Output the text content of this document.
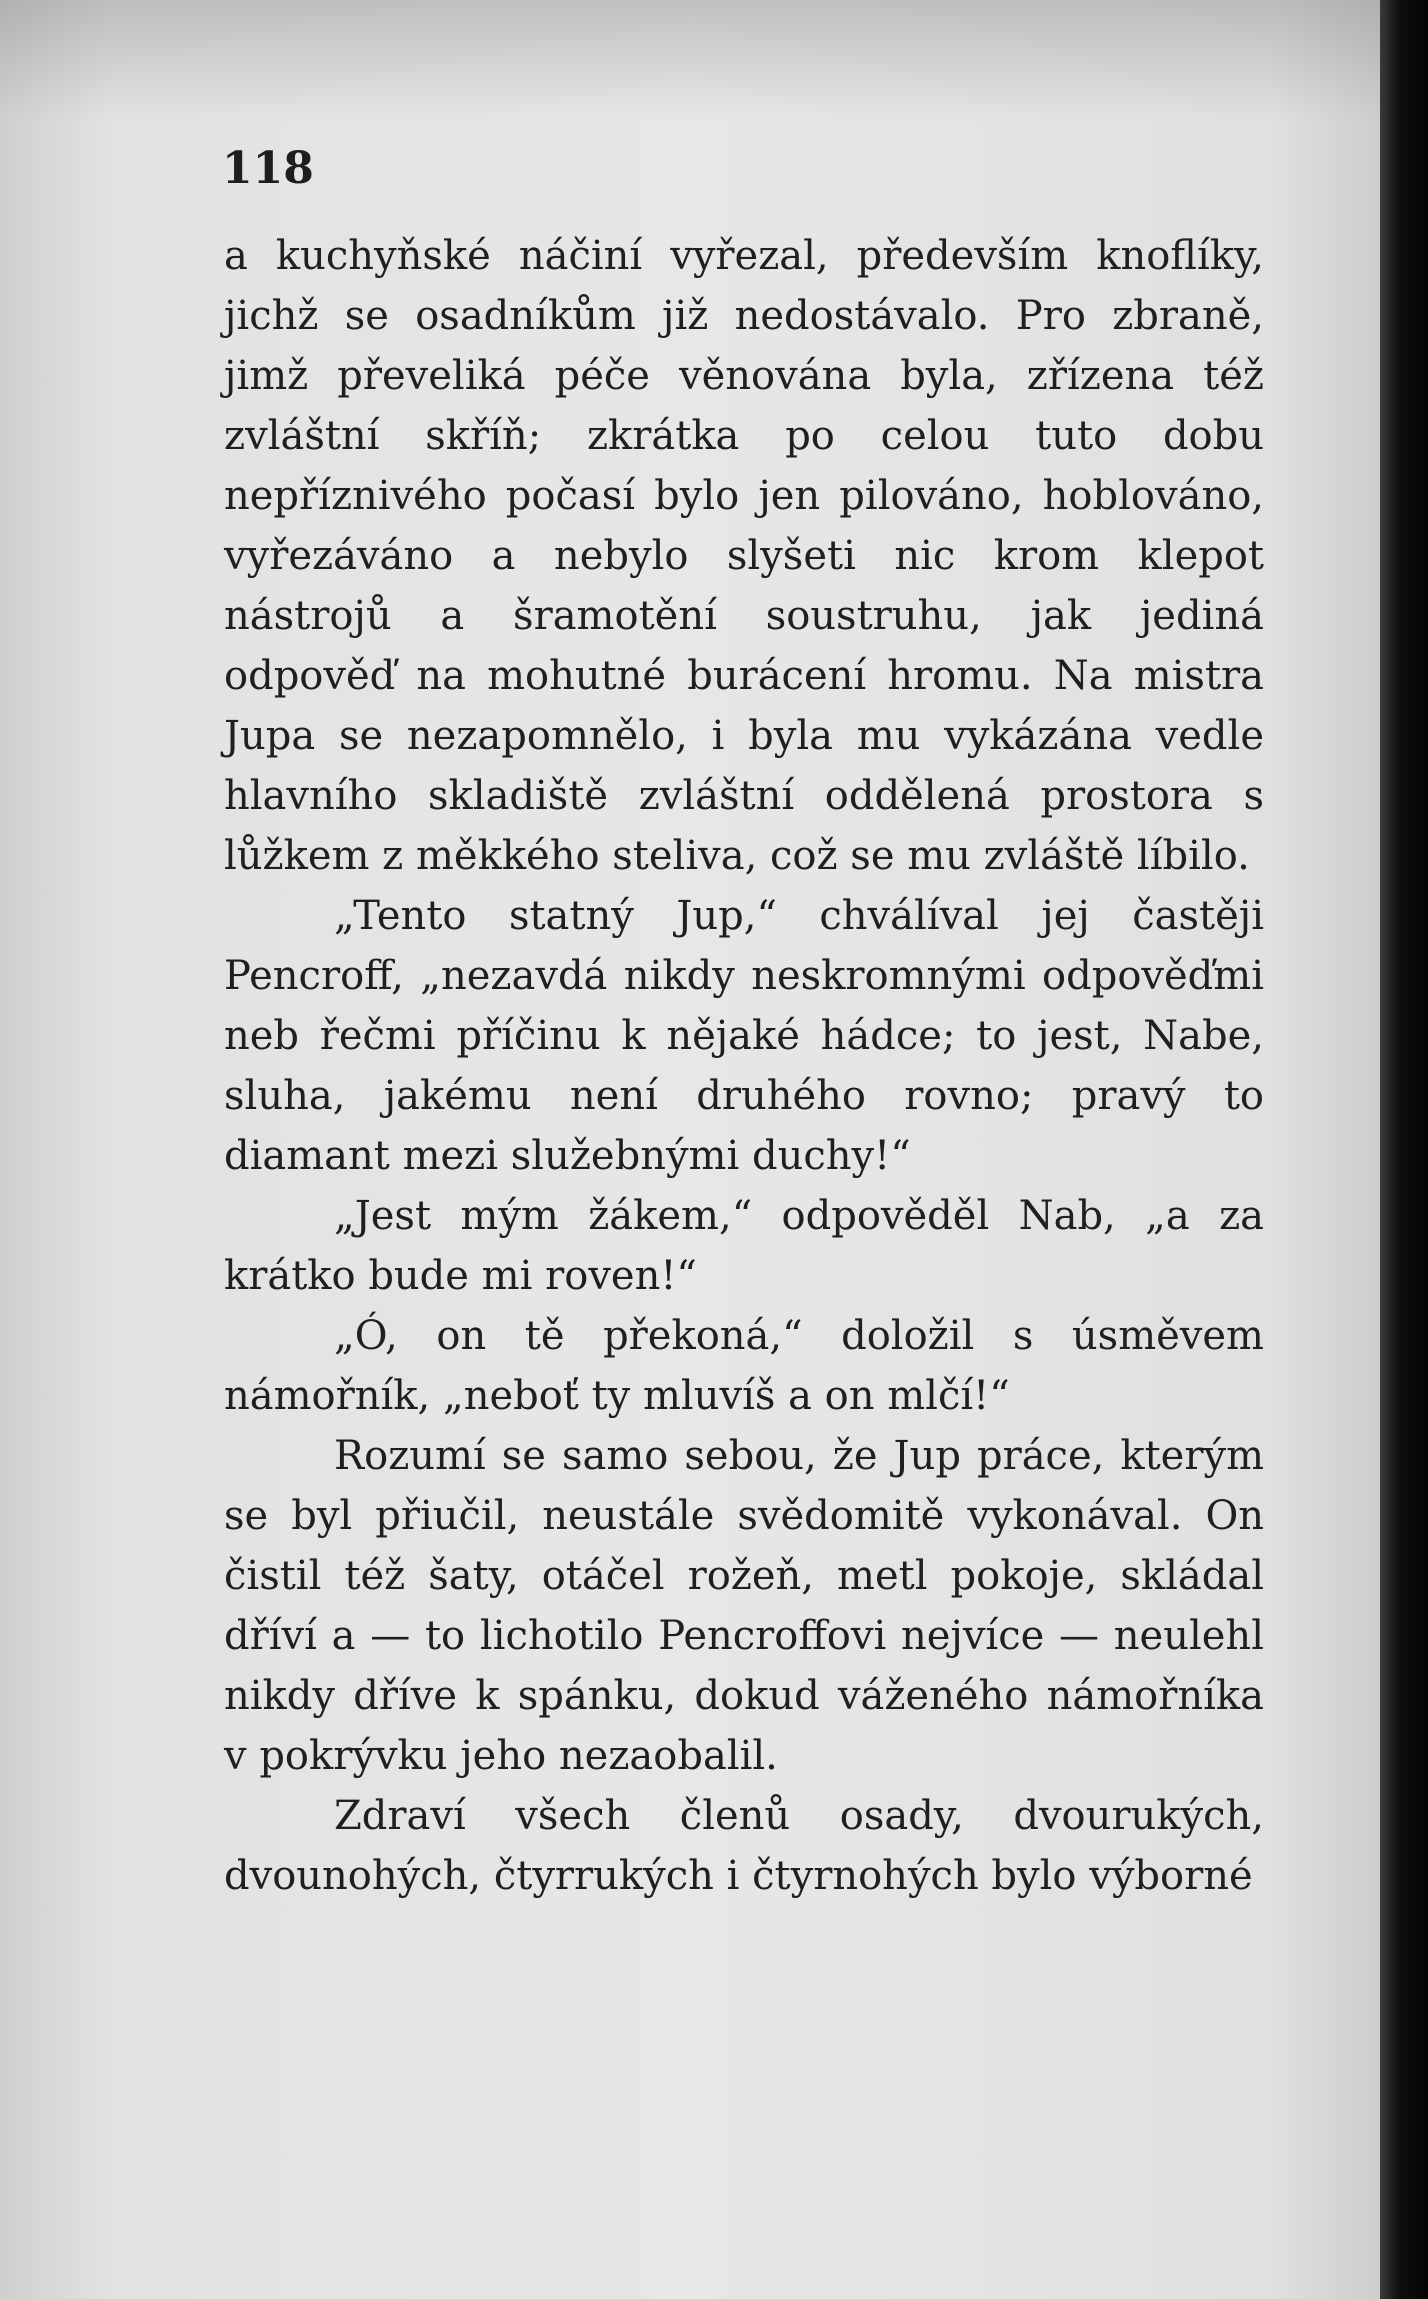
118

a kuchyňské náčiní vyřezal, především knoflíky, jichž se osadníkům již nedostávalo. Pro zbraně, jimž převeliká péče věnována byla, zřízena též zvláštní skříň; zkrátka po celou tuto dobu nepříznivého počasí bylo jen pilováno, hoblováno, vyřezáváno a nebylo slyšeti nic krom klepot nástrojů a šramotění soustruhu, jak jediná odpověď na mohutné burácení hromu. Na mistra Jupa se nezapomnělo, i byla mu vykázána vedle hlavního skladiště zvláštní oddělená prostora s lůžkem z měkkého steliva, což se mu zvláště líbilo.

„Tento statný Jup,“ chválíval jej častěji Pencroff, „nezavdá nikdy neskromnými odpověďmi neb řečmi příčinu k nějaké hádce; to jest, Nabe, sluha, jakému není druhého rovno; pravý to diamant mezi služebnými duchy!“

„Jest mým žákem,“ odpověděl Nab, „a za krátko bude mi roven!“

„Ó, on tě překoná,“ doložil s úsměvem námořník, „neboť ty mluvíš a on mlčí!“

Rozumí se samo sebou, že Jup práce, kterým se byl přiučil, neustále svědomitě vykonával. On čistil též šaty, otáčel rožeň, metl pokoje, skládal dříví a — to lichotilo Pencroffovi nejvíce — neulehl nikdy dříve k spánku, dokud váženého námořníka v pokrývku jeho nezaobalil.

Zdraví všech členů osady, dvourukých, dvounohých, čtyrrukých i čtyrnohých bylo výborné
